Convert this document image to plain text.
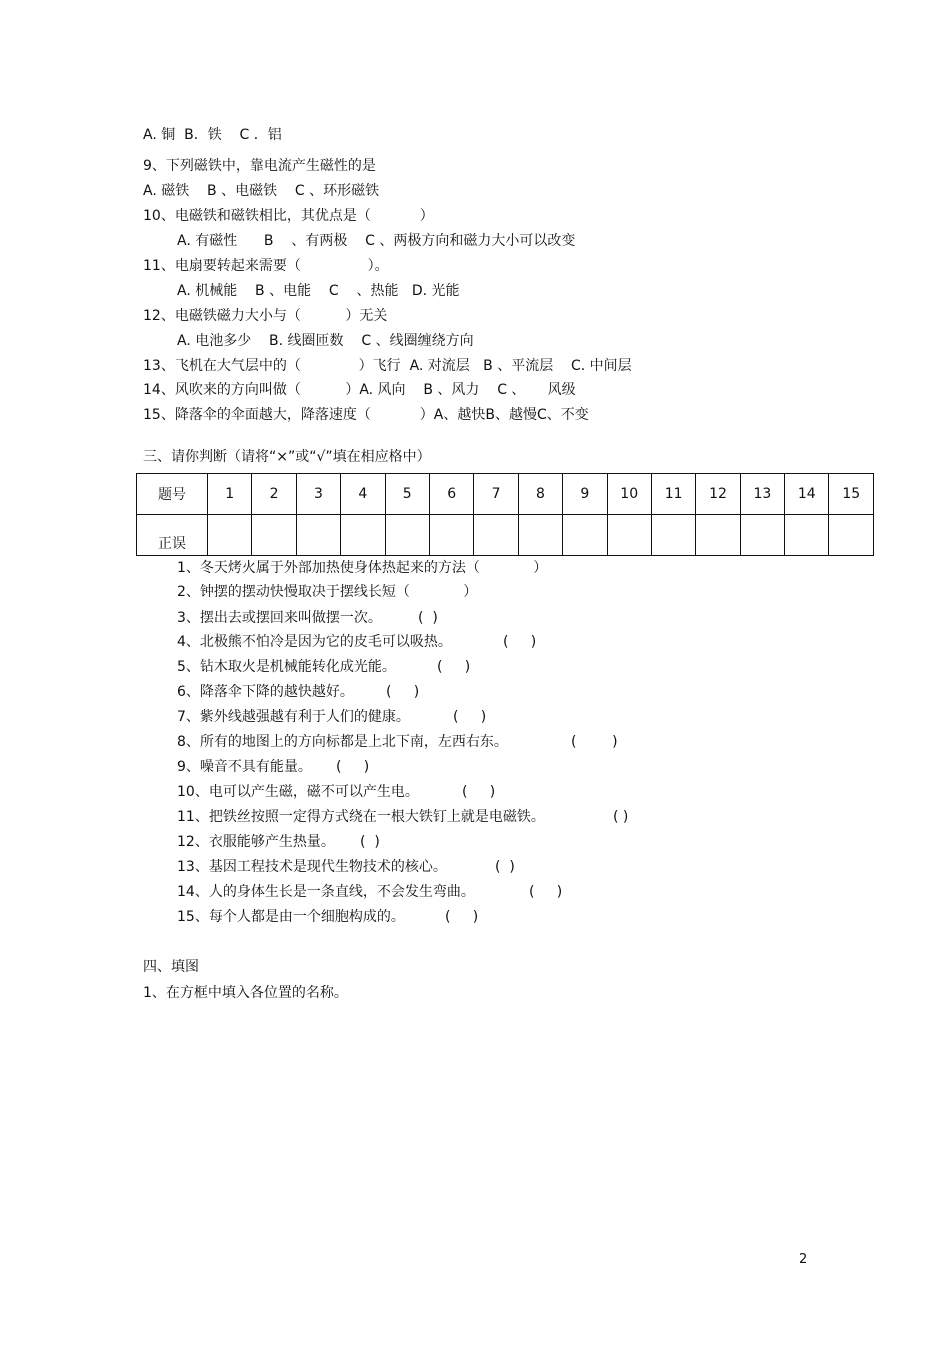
A. 铜  B．铁    C ．铝
9、下列磁铁中，靠电流产生磁性的是
A. 磁铁    B 、电磁铁    C 、环形磁铁
10、电磁铁和磁铁相比，其优点是（           ）
A. 有磁性      B    、有两极    C 、两极方向和磁力大小可以改变
11、电扇要转起来需要（               ）。
A. 机械能    B 、电能    C    、热能   D. 光能
12、电磁铁磁力大小与（          ）无关
A. 电池多少    B. 线圈匝数    C 、线圈缠绕方向
13、飞机在大气层中的（             ）飞行  A. 对流层   B 、平流层    C. 中间层
14、风吹来的方向叫做（          ）A. 风向    B 、风力    C 、     风级
15、降落伞的伞面越大，降落速度（           ）A、越快B、越慢C、不变
三、请你判断（请将“×”或“√”填在相应格中）
题号	1	2	3	4	5	6	7	8	9	10	11	12	13	14	15
正误															
1、冬天烤火属于外部加热使身体热起来的方法（            ）
2、钟摆的摆动快慢取决于摆线长短（            ）
3、摆出去或摆回来叫做摆一次。	(  )
4、北极熊不怕冷是因为它的皮毛可以吸热。	(     )
5、钻木取火是机械能转化成光能。	(     )
6、降落伞下降的越快越好。 (     )
7、紫外线越强越有利于人们的健康。	(     )
8、所有的地图上的方向标都是上北下南，左西右东。	(        )
9、噪音不具有能量。 (     )
10、电可以产生磁，磁不可以产生电。	(     )
11、把铁丝按照一定得方式绕在一根大铁钉上就是电磁铁。	( )
12、衣服能够产生热量。 (  )
13、基因工程技术是现代生物技术的核心。	(  )
14、人的身体生长是一条直线，不会发生弯曲。	(     )
15、每个人都是由一个细胞构成的。	(     )
四、填图
1、在方框中填入各位置的名称。
2
